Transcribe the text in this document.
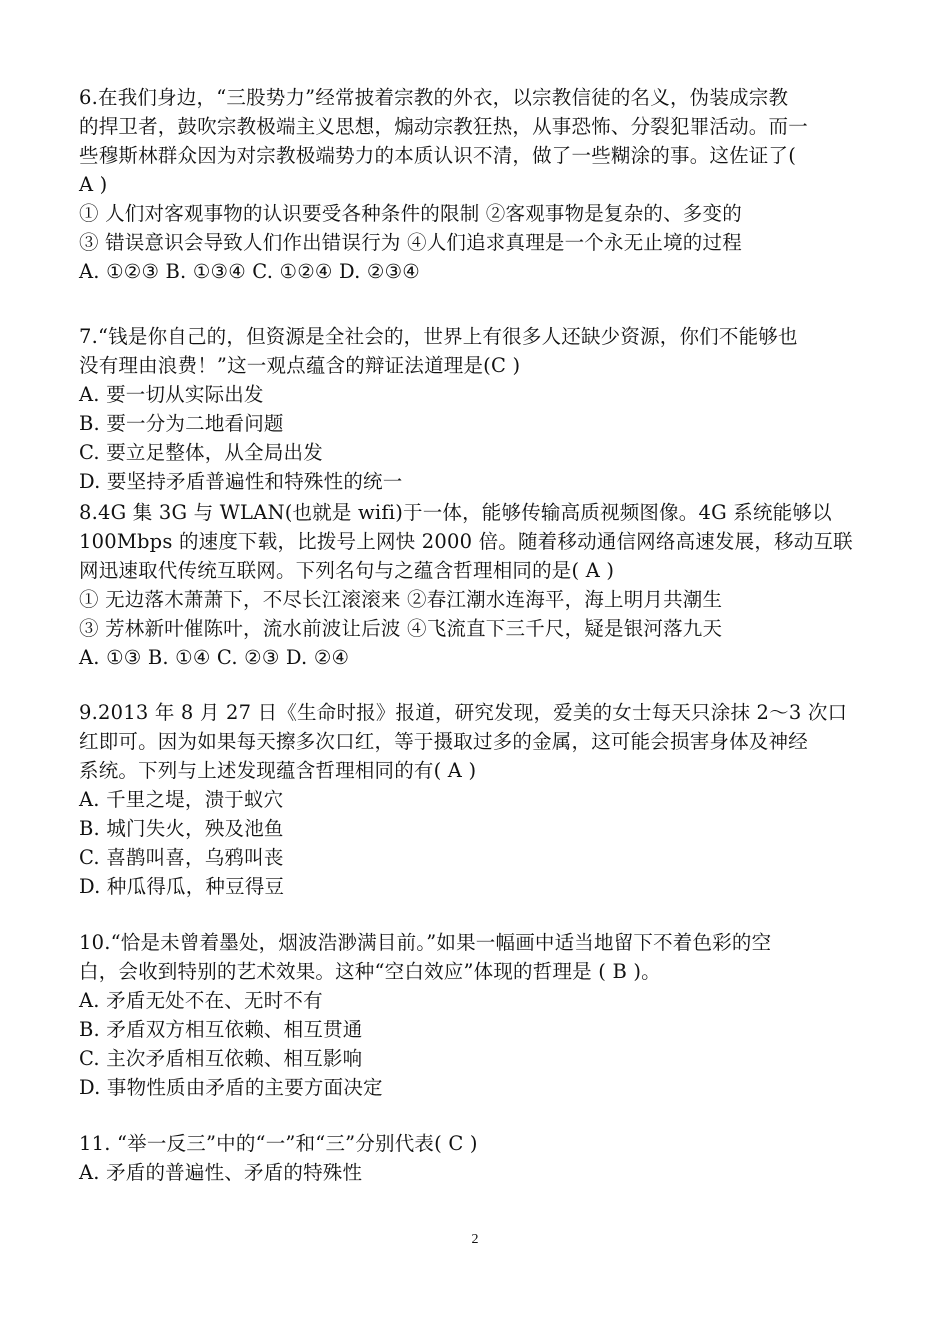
6.在我们身边，“三股势力”经常披着宗教的外衣，以宗教信徒的名义，伪装成宗教
的捍卫者，鼓吹宗教极端主义思想，煽动宗教狂热，从事恐怖、分裂犯罪活动。而一
些穆斯林群众因为对宗教极端势力的本质认识不清，做了一些糊涂的事。这佐证了(
A )
① 人们对客观事物的认识要受各种条件的限制 ②客观事物是复杂的、多变的
③ 错误意识会导致人们作出错误行为 ④人们追求真理是一个永无止境的过程
A. ①②③ B. ①③④ C. ①②④ D. ②③④
7.“钱是你自己的，但资源是全社会的，世界上有很多人还缺少资源，你们不能够也
没有理由浪费！”这一观点蕴含的辩证法道理是(C )
A. 要一切从实际出发
B. 要一分为二地看问题
C. 要立足整体，从全局出发
D. 要坚持矛盾普遍性和特殊性的统一
8.4G 集 3G 与 WLAN(也就是 wifi)于一体，能够传输高质视频图像。4G 系统能够以
100Mbps 的速度下载，比拨号上网快 2000 倍。随着移动通信网络高速发展，移动互联
网迅速取代传统互联网。下列名句与之蕴含哲理相同的是( A )
① 无边落木萧萧下，不尽长江滚滚来 ②春江潮水连海平，海上明月共潮生
③ 芳林新叶催陈叶，流水前波让后波 ④飞流直下三千尺，疑是银河落九天
A. ①③ B. ①④ C. ②③ D. ②④
9.2013 年 8 月 27 日《生命时报》报道，研究发现，爱美的女士每天只涂抹 2～3 次口
红即可。因为如果每天擦多次口红，等于摄取过多的金属，这可能会损害身体及神经
系统。下列与上述发现蕴含哲理相同的有( A )
A. 千里之堤，溃于蚁穴
B. 城门失火，殃及池鱼
C. 喜鹊叫喜，乌鸦叫丧
D. 种瓜得瓜，种豆得豆
10.“恰是未曾着墨处，烟波浩渺满目前。”如果一幅画中适当地留下不着色彩的空
白，会收到特别的艺术效果。这种“空白效应”体现的哲理是 ( B )。
A. 矛盾无处不在、无时不有
B. 矛盾双方相互依赖、相互贯通
C. 主次矛盾相互依赖、相互影响
D. 事物性质由矛盾的主要方面决定
11. “举一反三”中的“一”和“三”分别代表( C )
A. 矛盾的普遍性、矛盾的特殊性
2
